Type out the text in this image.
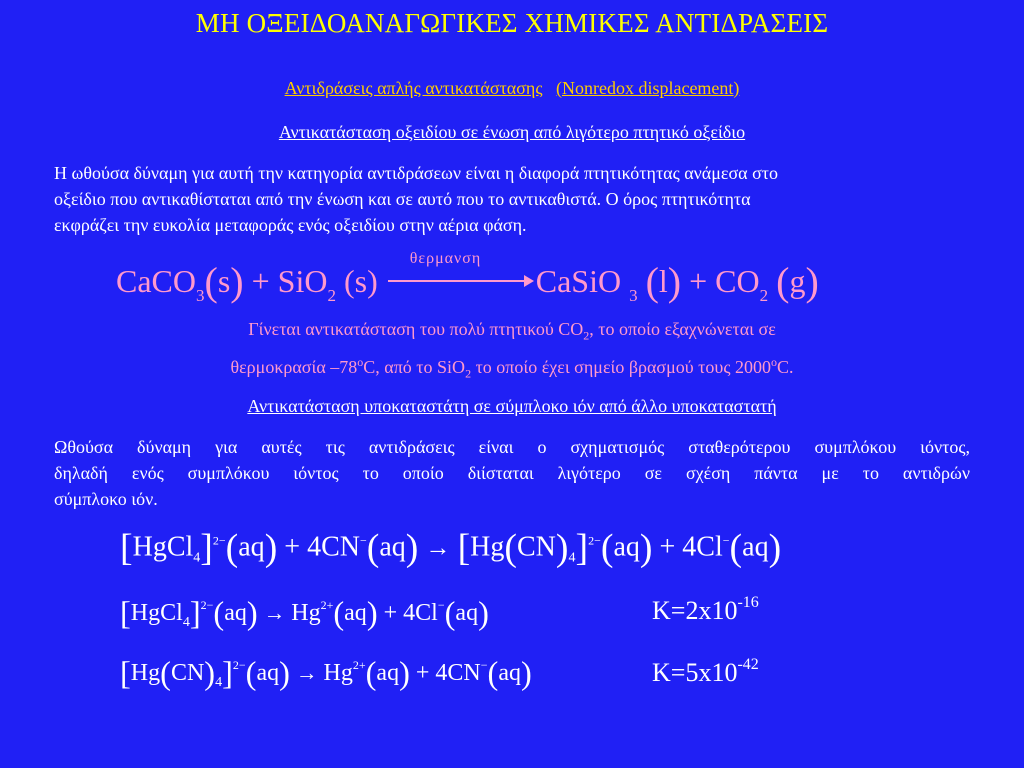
ΜΗ ΟΞΕΙΔΟΑΝΑΓΩΓΙΚΕΣ ΧΗΜΙΚΕΣ ΑΝΤΙΔΡΑΣΕΙΣ
Αντιδράσεις απλής αντικατάστασης (Nonredox displacement)
Αντικατάσταση οξειδίου σε ένωση από λιγότερο πτητικό οξείδιο
Η ωθούσα δύναμη για αυτή την κατηγορία αντιδράσεων είναι η διαφορά πτητικότητας ανάμεσα στο
οξείδιο που αντικαθίσταται από την ένωση και σε αυτό που το αντικαθιστά. Ο όρος πτητικότητα
εκφράζει την ευκολία μεταφοράς ενός οξειδίου στην αέρια φάση.
CaCO$_3$(s) + SiO$_2$ (s)
θερμανση
CaSiO $_3$ $(l) + CO_2$ (g)
Γίνεται αντικατάσταση του πολύ πτητικού $CO_2$, το οποίο εξαχνώνεται σε
θερμοκρασία –78$^o$C, από το SiO$_2$ το οποίο έχει σημείο βρασμού τους 2000$^o$C.
Αντικατάσταση υποκαταστάτη σε σύμπλοκο ιόν από άλλο υποκαταστατή
Ωθούσα δύναμη για αυτές τις αντιδράσεις είναι ο σχηματισμός σταθερότερου συμπλόκου ιόντος,
δηλαδή ενός συμπλόκου ιόντος το οποίο διίσταται λιγότερο σε σχέση πάντα με το αντιδρών
σύμπλοκο ιόν.
[HgCl$_4$]$^{2-}$(aq) + $4CN^-(aq) \to [Hg(CN)_4]^{2-}(aq) + 4Cl^-(aq)$
[HgCl$_4$]$^{2-}$(aq) → $Hg^{2+}(aq) + 4Cl^-(aq)$	$K=2x10^{-16}$
$[Hg(CN)_4]^{2-}(aq) \to Hg^{2+}(aq) + 4CN^-(aq)$	$K=5x10^{-42}$
